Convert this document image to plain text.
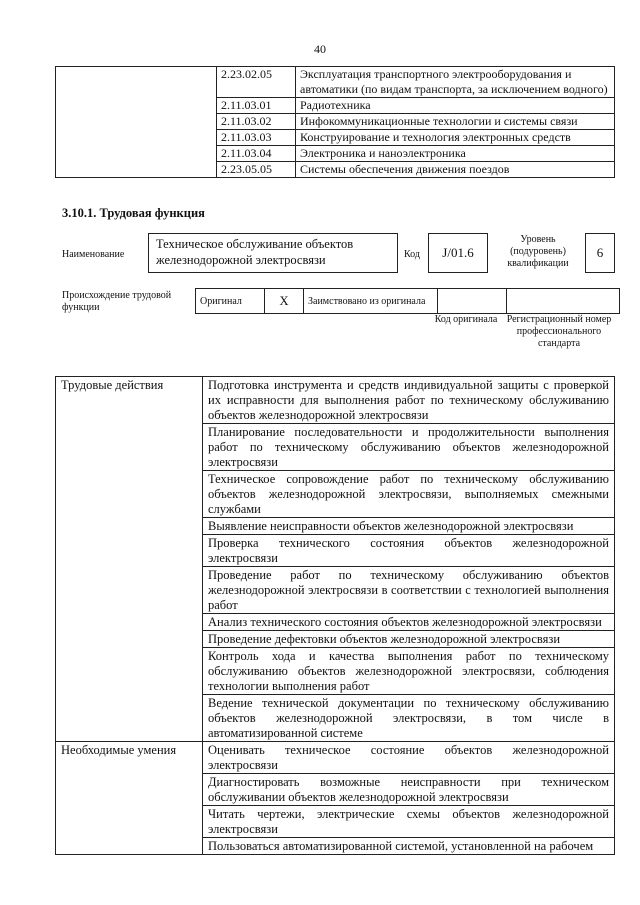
40
	2.23.02.05	Эксплуатация транспортного электрооборудования и автоматики (по видам транспорта, за исключением водного)
	2.11.03.01	Радиотехника
	2.11.03.02	Инфокоммуникационные технологии и системы связи
	2.11.03.03	Конструирование и технология электронных средств
	2.11.03.04	Электроника и наноэлектроника
	2.23.05.05	Системы обеспечения движения поездов
3.10.1. Трудовая функция
Наименование
Техническое обслуживание объектов железнодорожной электросвязи	Код	J/01.6
Уровень (подуровень) квалификации
6
Происхождение трудовой функции
Оригинал	X	Заимствовано из оригинала		
Код оригинала Регистрационный номер профессионального стандарта
Трудовые действия	Подготовка инструмента и средств индивидуальной защиты с проверкой их исправности для выполнения работ по техническому обслуживанию объектов железнодорожной электросвязи
	Планирование последовательности и продолжительности выполнения работ по техническому обслуживанию объектов железнодорожной электросвязи
	Техническое сопровождение работ по техническому обслуживанию объектов железнодорожной электросвязи, выполняемых смежными службами
	Выявление неисправности объектов железнодорожной электросвязи
	Проверка технического состояния объектов железнодорожной электросвязи
	Проведение работ по техническому обслуживанию объектов железнодорожной электросвязи в соответствии с технологией выполнения работ
	Анализ технического состояния объектов железнодорожной электросвязи
	Проведение дефектовки объектов железнодорожной электросвязи
	Контроль хода и качества выполнения работ по техническому обслуживанию объектов железнодорожной электросвязи, соблюдения технологии выполнения работ
	Ведение технической документации по техническому обслуживанию объектов железнодорожной электросвязи, в том числе в автоматизированной системе
Необходимые умения	Оценивать техническое состояние объектов железнодорожной электросвязи
	Диагностировать возможные неисправности при техническом обслуживании объектов железнодорожной электросвязи
	Читать чертежи, электрические схемы объектов железнодорожной электросвязи
	Пользоваться автоматизированной системой, установленной на рабочем
